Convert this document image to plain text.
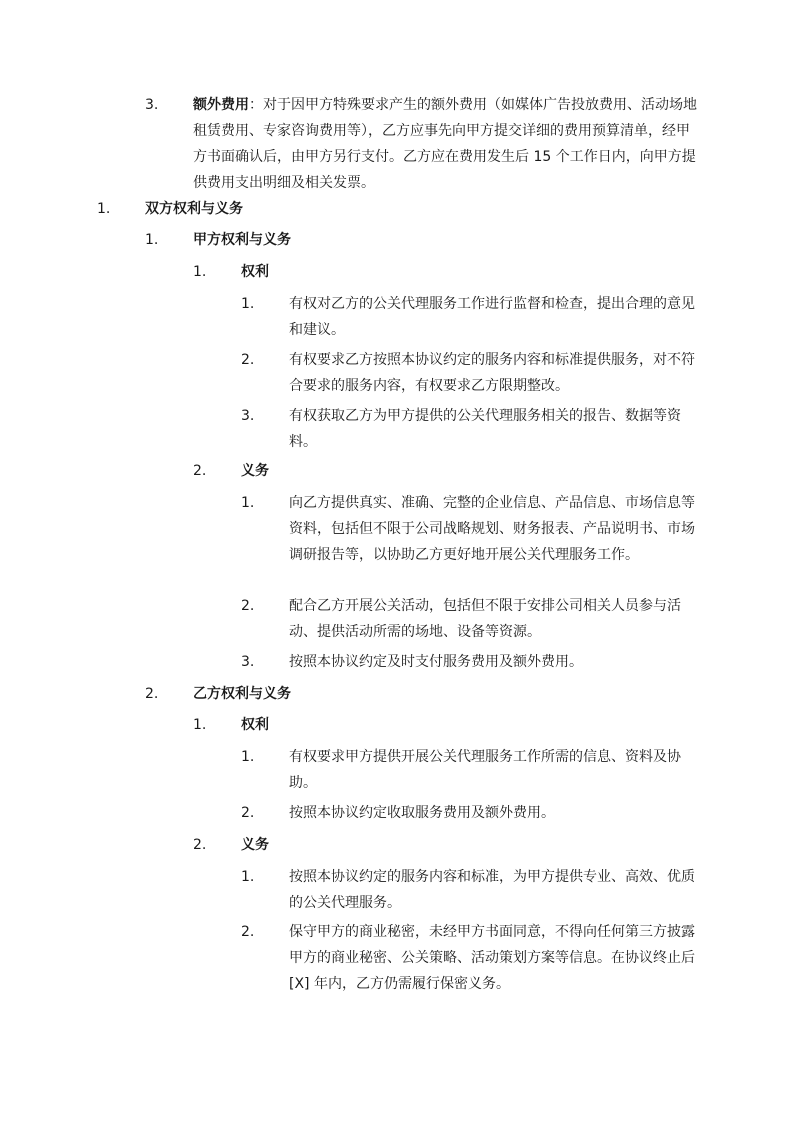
3. 额外费用：对于因甲方特殊要求产生的额外费用（如媒体广告投放费用、活动场地租赁费用、专家咨询费用等），乙方应事先向甲方提交详细的费用预算清单，经甲方书面确认后，由甲方另行支付。乙方应在费用发生后 15 个工作日内，向甲方提供费用支出明细及相关发票。
1. 双方权利与义务
1. 甲方权利与义务
1. 权利
1. 有权对乙方的公关代理服务工作进行监督和检查，提出合理的意见和建议。
2. 有权要求乙方按照本协议约定的服务内容和标准提供服务，对不符合要求的服务内容，有权要求乙方限期整改。
3. 有权获取乙方为甲方提供的公关代理服务相关的报告、数据等资料。
2. 义务
1. 向乙方提供真实、准确、完整的企业信息、产品信息、市场信息等资料，包括但不限于公司战略规划、财务报表、产品说明书、市场调研报告等，以协助乙方更好地开展公关代理服务工作。
2. 配合乙方开展公关活动，包括但不限于安排公司相关人员参与活动、提供活动所需的场地、设备等资源。
3. 按照本协议约定及时支付服务费用及额外费用。
2. 乙方权利与义务
1. 权利
1. 有权要求甲方提供开展公关代理服务工作所需的信息、资料及协助。
2. 按照本协议约定收取服务费用及额外费用。
2. 义务
1. 按照本协议约定的服务内容和标准，为甲方提供专业、高效、优质的公关代理服务。
2. 保守甲方的商业秘密，未经甲方书面同意，不得向任何第三方披露甲方的商业秘密、公关策略、活动策划方案等信息。在协议终止后 [X] 年内，乙方仍需履行保密义务。
